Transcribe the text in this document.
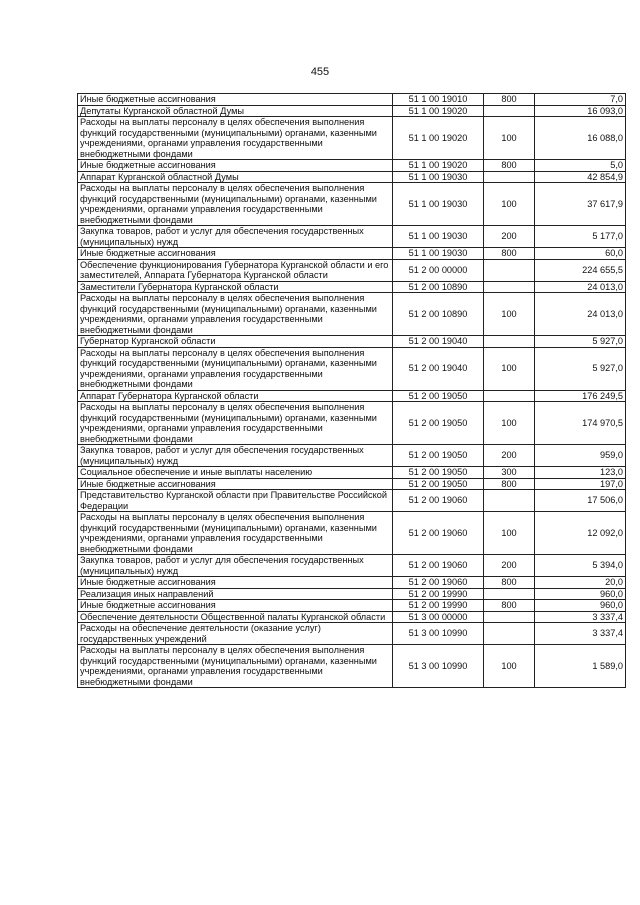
455
Иные бюджетные ассигнования	51 1 00 19010	800	7,0
Депутаты Курганской областной Думы	51 1 00 19020		16 093,0
Расходы на выплаты персоналу в целях обеспечения выполнения функций государственными (муниципальными) органами, казенными учреждениями, органами управления государственными внебюджетными фондами	51 1 00 19020	100	16 088,0
Иные бюджетные ассигнования	51 1 00 19020	800	5,0
Аппарат Курганской областной Думы	51 1 00 19030		42 854,9
Расходы на выплаты персоналу в целях обеспечения выполнения функций государственными (муниципальными) органами, казенными учреждениями, органами управления государственными внебюджетными фондами	51 1 00 19030	100	37 617,9
Закупка товаров, работ и услуг для обеспечения государственных (муниципальных) нужд	51 1 00 19030	200	5 177,0
Иные бюджетные ассигнования	51 1 00 19030	800	60,0
Обеспечение функционирования Губернатора Курганской области и его заместителей, Аппарата Губернатора Курганской области	51 2 00 00000		224 655,5
Заместители Губернатора Курганской области	51 2 00 10890		24 013,0
Расходы на выплаты персоналу в целях обеспечения выполнения функций государственными (муниципальными) органами, казенными учреждениями, органами управления государственными внебюджетными фондами	51 2 00 10890	100	24 013,0
Губернатор Курганской области	51 2 00 19040		5 927,0
Расходы на выплаты персоналу в целях обеспечения выполнения функций государственными (муниципальными) органами, казенными учреждениями, органами управления государственными внебюджетными фондами	51 2 00 19040	100	5 927,0
Аппарат Губернатора Курганской области	51 2 00 19050		176 249,5
Расходы на выплаты персоналу в целях обеспечения выполнения функций государственными (муниципальными) органами, казенными учреждениями, органами управления государственными внебюджетными фондами	51 2 00 19050	100	174 970,5
Закупка товаров, работ и услуг для обеспечения государственных (муниципальных) нужд	51 2 00 19050	200	959,0
Социальное обеспечение и иные выплаты населению	51 2 00 19050	300	123,0
Иные бюджетные ассигнования	51 2 00 19050	800	197,0
Представительство Курганской области при Правительстве Российской Федерации	51 2 00 19060		17 506,0
Расходы на выплаты персоналу в целях обеспечения выполнения функций государственными (муниципальными) органами, казенными учреждениями, органами управления государственными внебюджетными фондами	51 2 00 19060	100	12 092,0
Закупка товаров, работ и услуг для обеспечения государственных (муниципальных) нужд	51 2 00 19060	200	5 394,0
Иные бюджетные ассигнования	51 2 00 19060	800	20,0
Реализация иных направлений	51 2 00 19990		960,0
Иные бюджетные ассигнования	51 2 00 19990	800	960,0
Обеспечение деятельности Общественной палаты Курганской области	51 3 00 00000		3 337,4
Расходы на обеспечение деятельности (оказание услуг) государственных учреждений	51 3 00 10990		3 337,4
Расходы на выплаты персоналу в целях обеспечения выполнения функций государственными (муниципальными) органами, казенными учреждениями, органами управления государственными внебюджетными фондами	51 3 00 10990	100	1 589,0
